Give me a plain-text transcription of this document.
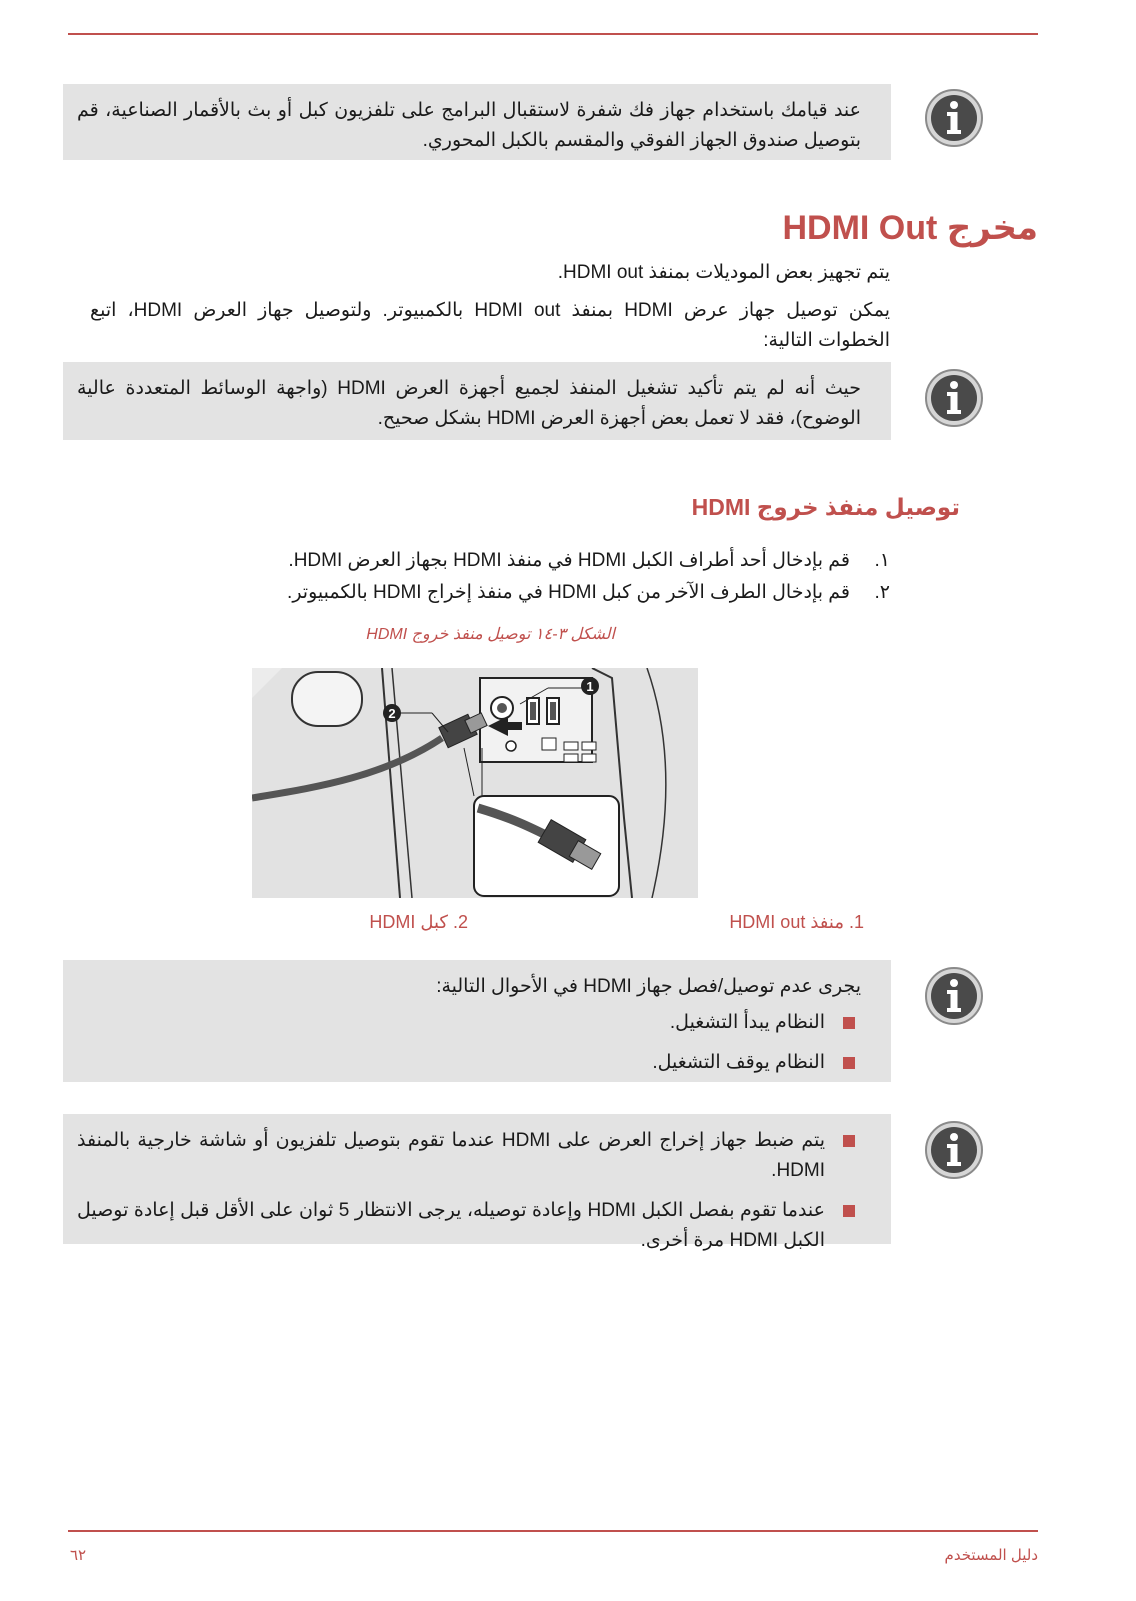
عند قيامك باستخدام جهاز فك شفرة لاستقبال البرامج على تلفزيون كبل أو بث بالأقمار الصناعية، قم بتوصيل صندوق الجهاز الفوقي والمقسم بالكبل المحوري.

مخرج HDMI Out

يتم تجهيز بعض الموديلات بمنفذ HDMI out.

يمكن توصيل جهاز عرض HDMI بمنفذ HDMI out بالكمبيوتر. ولتوصيل جهاز العرض HDMI، اتبع الخطوات التالية:

حيث أنه لم يتم تأكيد تشغيل المنفذ لجميع أجهزة العرض HDMI (واجهة الوسائط المتعددة عالية الوضوح)، فقد لا تعمل بعض أجهزة العرض HDMI بشكل صحيح.

توصيل منفذ خروج HDMI
١.قم بإدخال أحد أطراف الكبل HDMI في منفذ HDMI بجهاز العرض HDMI.
٢.قم بإدخال الطرف الآخر من كبل HDMI في منفذ إخراج HDMI بالكمبيوتر.
الشكل ٣-١٤ توصيل منفذ خروج HDMI
1
2
1. منفذ HDMI out
2. كبل HDMI

يجرى عدم توصيل/فصل جهاز HDMI في الأحوال التالية:

النظام يبدأ التشغيل.
النظام يوقف التشغيل.
يتم ضبط جهاز إخراج العرض على HDMI عندما تقوم بتوصيل تلفزيون أو شاشة خارجية بالمنفذ HDMI.
عندما تقوم بفصل الكبل HDMI وإعادة توصيله، يرجى الانتظار 5 ثوان على الأقل قبل إعادة توصيل الكبل HDMI مرة أخرى.
٦٢	دليل المستخدم
